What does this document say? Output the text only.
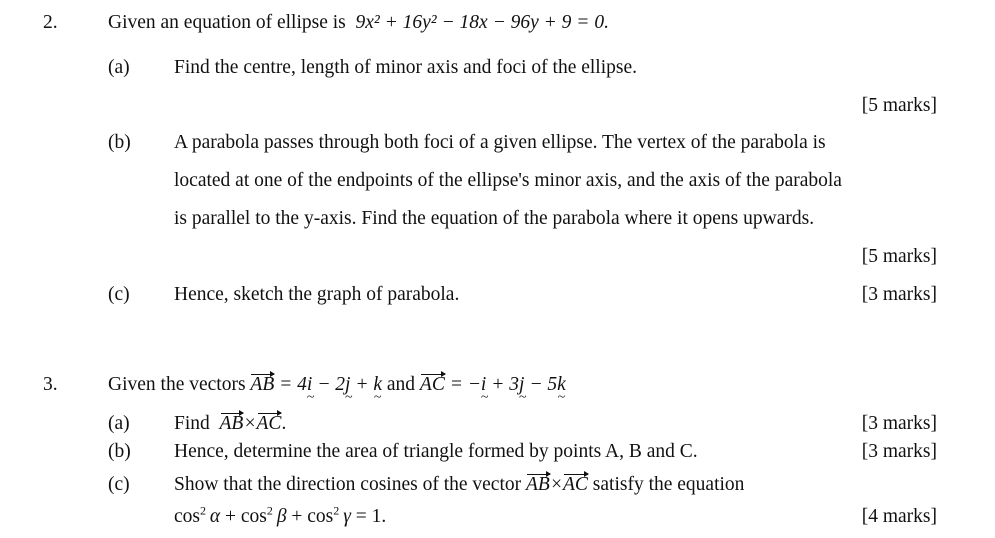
2.	Given an equation of ellipse is 9x² + 16y² − 18x − 96y + 9 = 0.
(a) Find the centre, length of minor axis and foci of the ellipse.
[5 marks]
(b) A parabola passes through both foci of a given ellipse. The vertex of the parabola is
located at one of the endpoints of the ellipse's minor axis, and the axis of the parabola
is parallel to the y-axis. Find the equation of the parabola where it opens upwards.
[5 marks]
(c) Hence, sketch the graph of parabola.	[3 marks]
3.	Given the vectors AB = 4i ~ − 2j ~ + k ~ and AC = −i ~ + 3j ~ − 5k ~
(a) Find AB×AC.	[3 marks]
(b) Hence, determine the area of triangle formed by points A, B and C.	[3 marks]
(c) Show that the direction cosines of the vector AB×AC satisfy the equation
$\cos^2 \alpha + \cos^2 \beta + \cos^2 \gamma = 1$.	[4 marks]
